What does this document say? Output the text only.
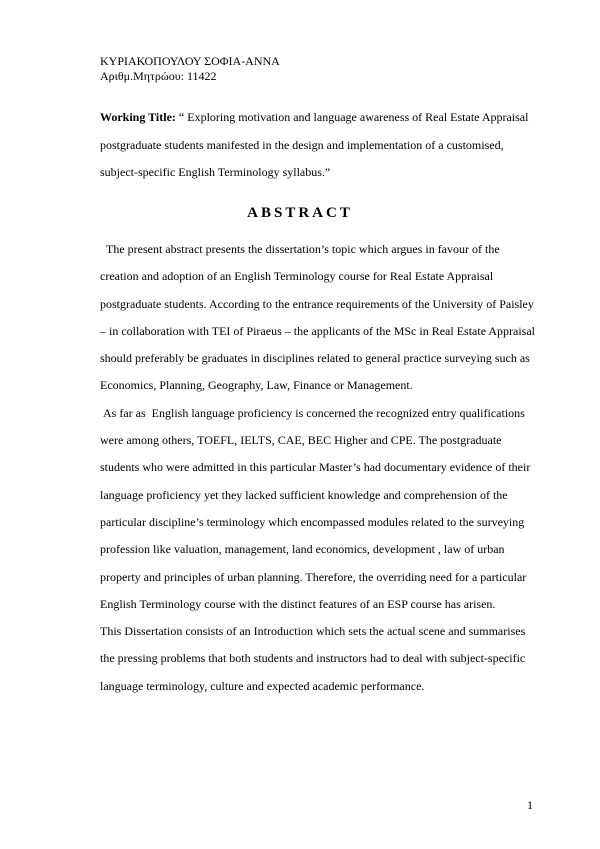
ΚΥΡΙΑΚΟΠΟΥΛΟΥ ΣΟΦΙΑ-ΑΝΝΑ
Αριθμ.Μητρώου: 11422
Working Title: “ Exploring motivation and language awareness of Real Estate Appraisal postgraduate students manifested in the design and implementation of a customised, subject-specific English Terminology syllabus.”
ABSTRACT

The present abstract presents the dissertation’s topic which argues in favour of the creation and adoption of an English Terminology course for Real Estate Appraisal postgraduate students. According to the entrance requirements of the University of Paisley – in collaboration with TEI of Piraeus – the applicants of the MSc in Real Estate Appraisal should preferably be graduates in disciplines related to general practice surveying such as Economics, Planning, Geography, Law, Finance or Management.

As far as  English language proficiency is concerned the recognized entry qualifications were among others, TOEFL, IELTS, CAE, BEC Higher and CPE. The postgraduate students who were admitted in this particular Master’s had documentary evidence of their language proficiency yet they lacked sufficient knowledge and comprehension of the particular discipline’s terminology which encompassed modules related to the surveying profession like valuation, management, land economics, development , law of urban property and principles of urban planning. Therefore, the overriding need for a particular English Terminology course with the distinct features of an ESP course has arisen.

This Dissertation consists of an Introduction which sets the actual scene and summarises the pressing problems that both students and instructors had to deal with subject-specific language terminology, culture and expected academic performance.

1
